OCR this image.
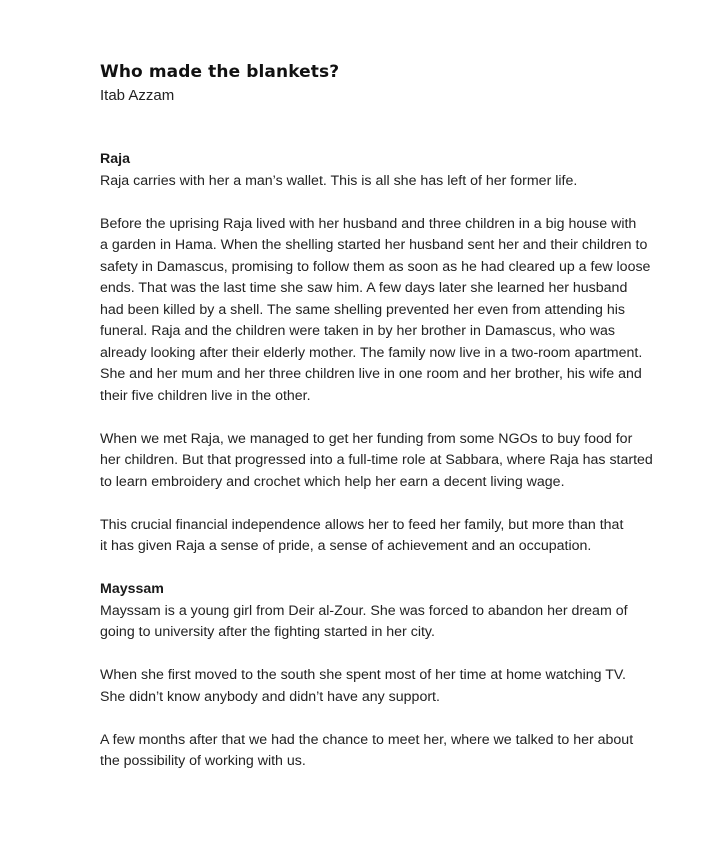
Who made the blankets?
Itab Azzam
Raja

Raja carries with her a man’s wallet. This is all she has left of her former life.

Before the uprising Raja lived with her husband and three children in a big house with
a garden in Hama. When the shelling started her husband sent her and their children to
safety in Damascus, promising to follow them as soon as he had cleared up a few loose
ends. That was the last time she saw him. A few days later she learned her husband
had been killed by a shell. The same shelling prevented her even from attending his
funeral. Raja and the children were taken in by her brother in Damascus, who was
already looking after their elderly mother. The family now live in a two-room apartment.
She and her mum and her three children live in one room and her brother, his wife and
their five children live in the other.

When we met Raja, we managed to get her funding from some NGOs to buy food for
her children. But that progressed into a full-time role at Sabbara, where Raja has started
to learn embroidery and crochet which help her earn a decent living wage.

This crucial financial independence allows her to feed her family, but more than that
it has given Raja a sense of pride, a sense of achievement and an occupation.

Mayssam

Mayssam is a young girl from Deir al-Zour. She was forced to abandon her dream of
going to university after the fighting started in her city.

When she first moved to the south she spent most of her time at home watching TV.
She didn’t know anybody and didn’t have any support.

A few months after that we had the chance to meet her, where we talked to her about
the possibility of working with us.
